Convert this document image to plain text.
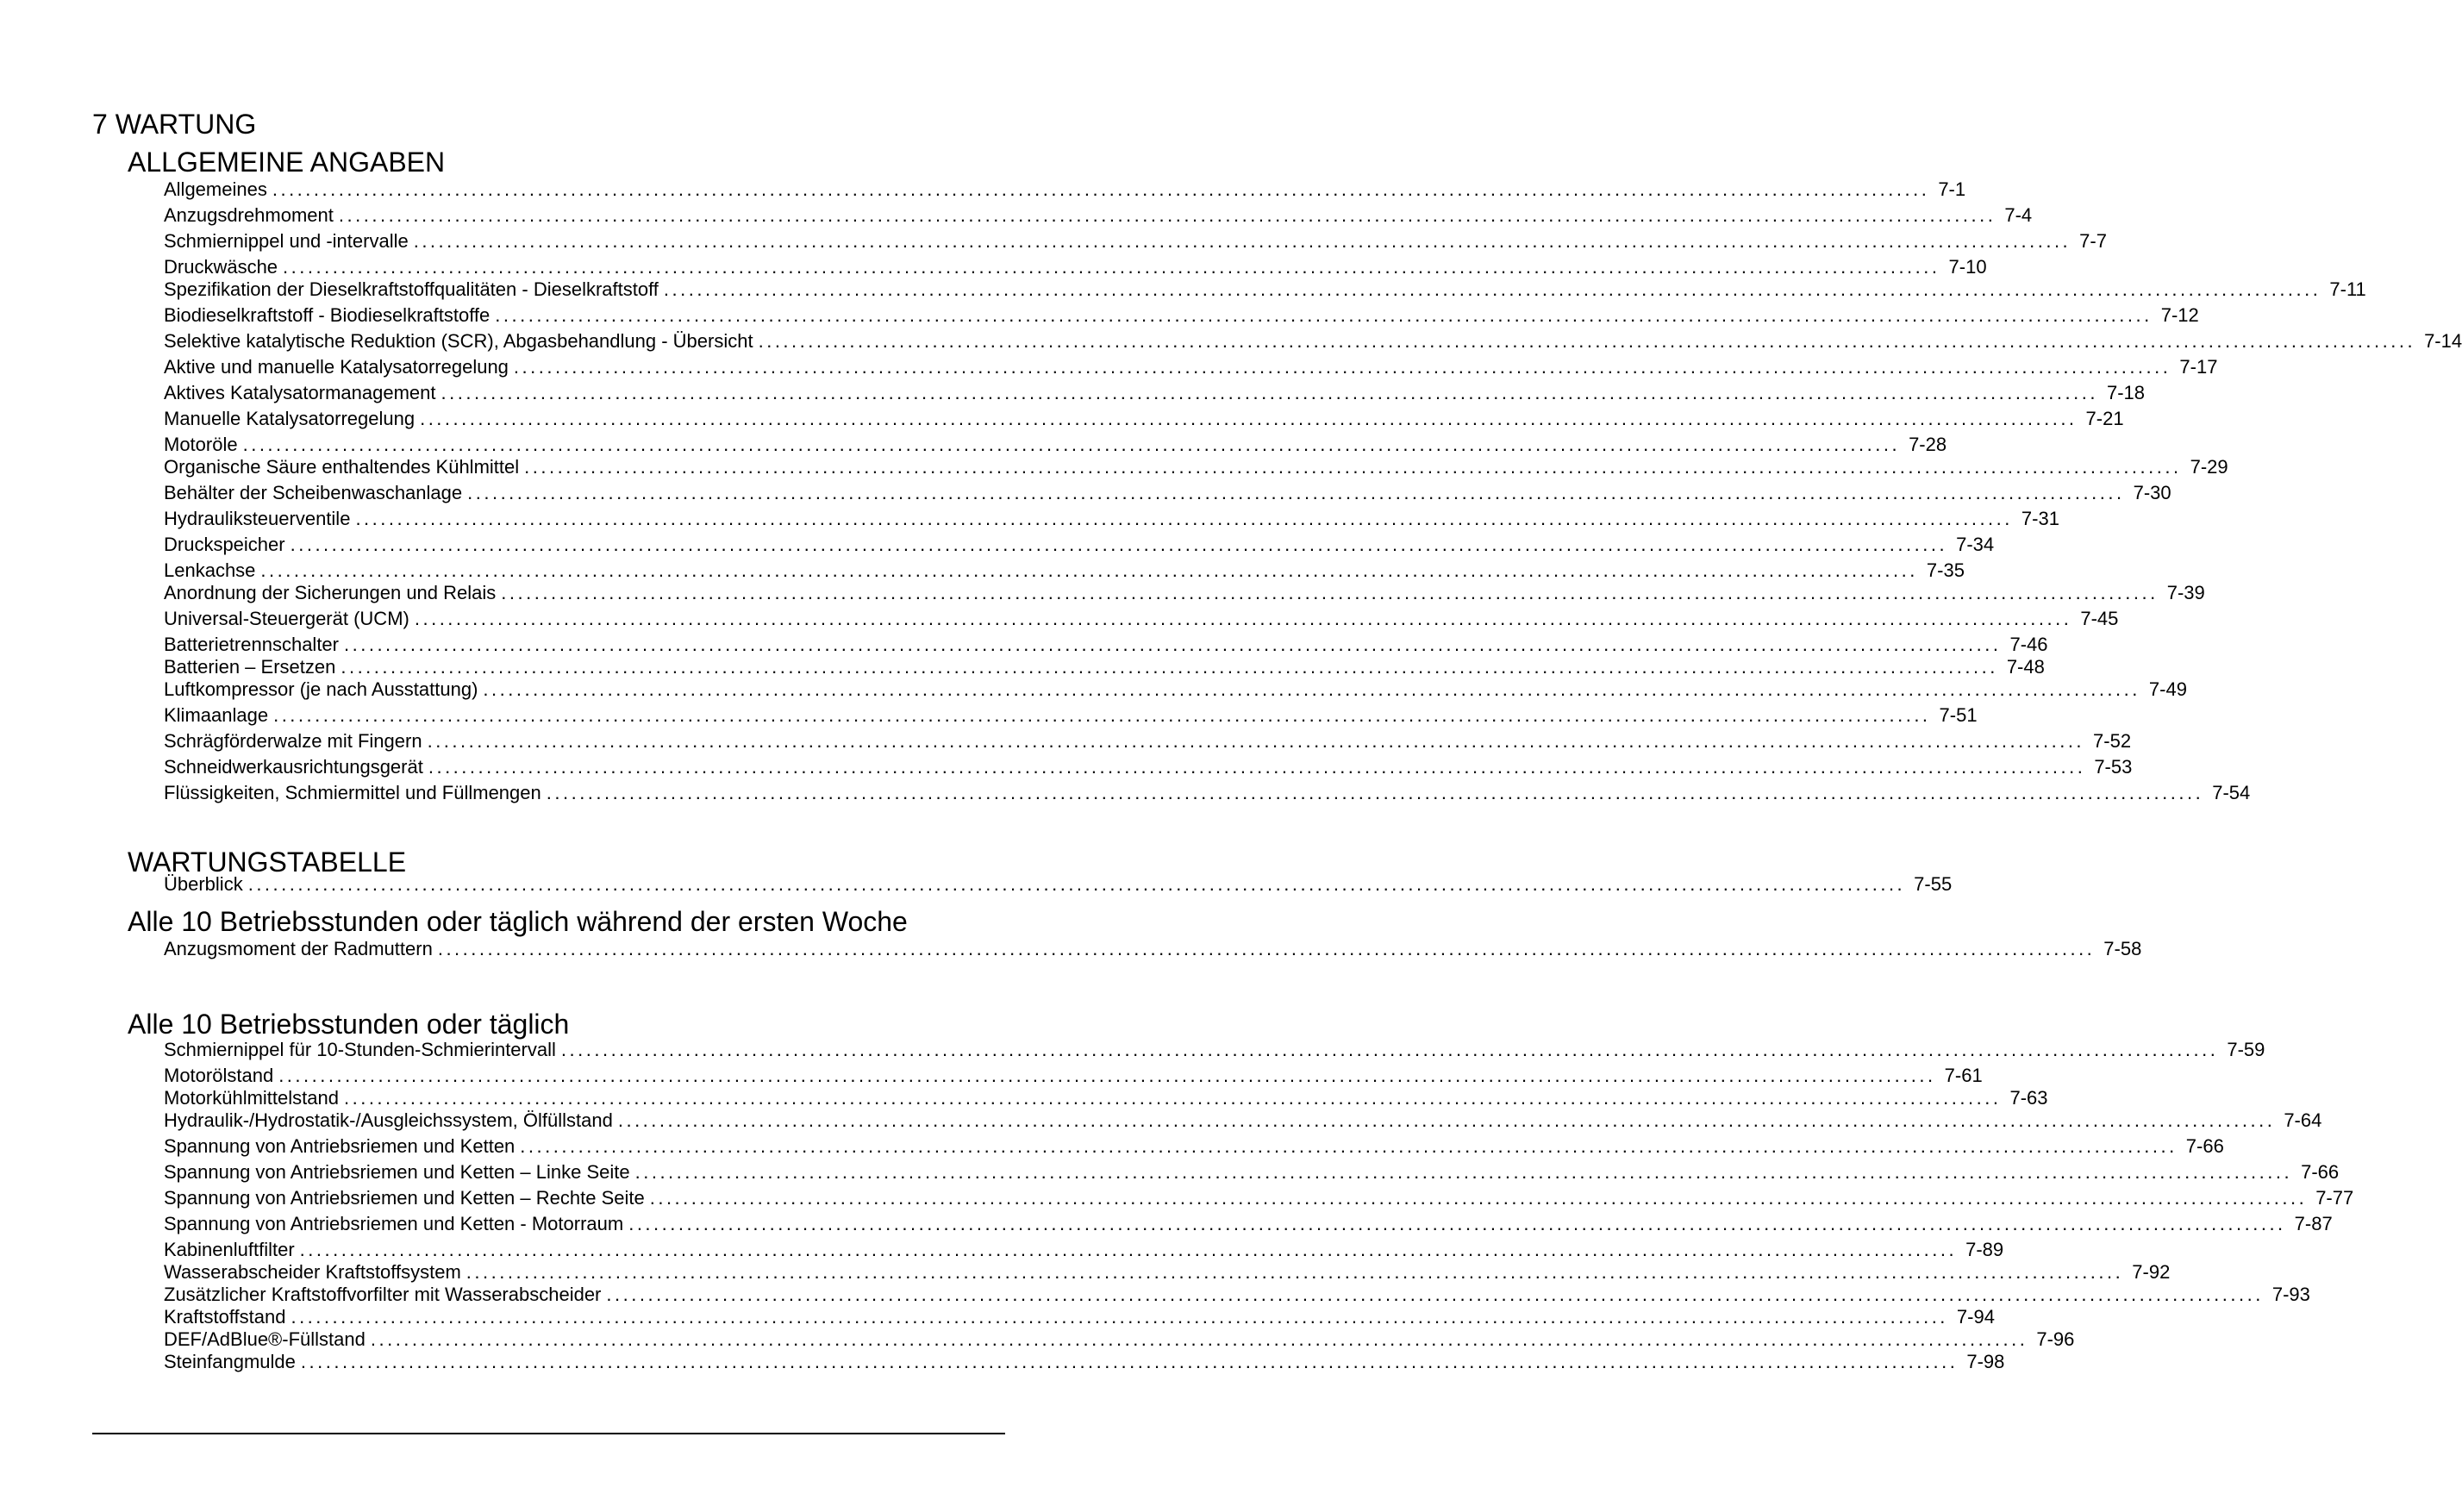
7 WARTUNG
ALLGEMEINE ANGABEN
Allgemeines ........................................................................................................................................................................................................ 7-1
Anzugsdrehmoment ........................................................................................................................................................................................................ 7-4
Schmiernippel und -intervalle ........................................................................................................................................................................................................ 7-7
Druckwäsche ........................................................................................................................................................................................................ 7-10
Spezifikation der Dieselkraftstoffqualitäten - Dieselkraftstoff ........................................................................................................................................................................................................ 7-11
Biodieselkraftstoff - Biodieselkraftstoffe ........................................................................................................................................................................................................ 7-12
Selektive katalytische Reduktion (SCR), Abgasbehandlung - Übersicht ........................................................................................................................................................................................................ 7-14
Aktive und manuelle Katalysatorregelung ........................................................................................................................................................................................................ 7-17
Aktives Katalysatormanagement ........................................................................................................................................................................................................ 7-18
Manuelle Katalysatorregelung ........................................................................................................................................................................................................ 7-21
Motoröle ........................................................................................................................................................................................................ 7-28
Organische Säure enthaltendes Kühlmittel ........................................................................................................................................................................................................ 7-29
Behälter der Scheibenwaschanlage ........................................................................................................................................................................................................ 7-30
Hydrauliksteuerventile ........................................................................................................................................................................................................ 7-31
Druckspeicher ........................................................................................................................................................................................................ 7-34
Lenkachse ........................................................................................................................................................................................................ 7-35
Anordnung der Sicherungen und Relais ........................................................................................................................................................................................................ 7-39
Universal-Steuergerät (UCM) ........................................................................................................................................................................................................ 7-45
Batterietrennschalter ........................................................................................................................................................................................................ 7-46
Batterien – Ersetzen ........................................................................................................................................................................................................ 7-48
Luftkompressor (je nach Ausstattung) ........................................................................................................................................................................................................ 7-49
Klimaanlage ........................................................................................................................................................................................................ 7-51
Schrägförderwalze mit Fingern ........................................................................................................................................................................................................ 7-52
Schneidwerkausrichtungsgerät ........................................................................................................................................................................................................ 7-53
Flüssigkeiten, Schmiermittel und Füllmengen ........................................................................................................................................................................................................ 7-54
WARTUNGSTABELLE
Überblick ........................................................................................................................................................................................................ 7-55
Alle 10 Betriebsstunden oder täglich während der ersten Woche
Anzugsmoment der Radmuttern ........................................................................................................................................................................................................ 7-58
Alle 10 Betriebsstunden oder täglich
Schmiernippel für 10-Stunden-Schmierintervall ........................................................................................................................................................................................................ 7-59
Motorölstand ........................................................................................................................................................................................................ 7-61
Motorkühlmittelstand ........................................................................................................................................................................................................ 7-63
Hydraulik-/Hydrostatik-/Ausgleichssystem, Ölfüllstand ........................................................................................................................................................................................................ 7-64
Spannung von Antriebsriemen und Ketten ........................................................................................................................................................................................................ 7-66
Spannung von Antriebsriemen und Ketten – Linke Seite ........................................................................................................................................................................................................ 7-66
Spannung von Antriebsriemen und Ketten – Rechte Seite ........................................................................................................................................................................................................ 7-77
Spannung von Antriebsriemen und Ketten - Motorraum ........................................................................................................................................................................................................ 7-87
Kabinenluftfilter ........................................................................................................................................................................................................ 7-89
Wasserabscheider Kraftstoffsystem ........................................................................................................................................................................................................ 7-92
Zusätzlicher Kraftstoffvorfilter mit Wasserabscheider ........................................................................................................................................................................................................ 7-93
Kraftstoffstand ........................................................................................................................................................................................................ 7-94
DEF/AdBlue®-Füllstand ........................................................................................................................................................................................................ 7-96
Steinfangmulde ........................................................................................................................................................................................................ 7-98
